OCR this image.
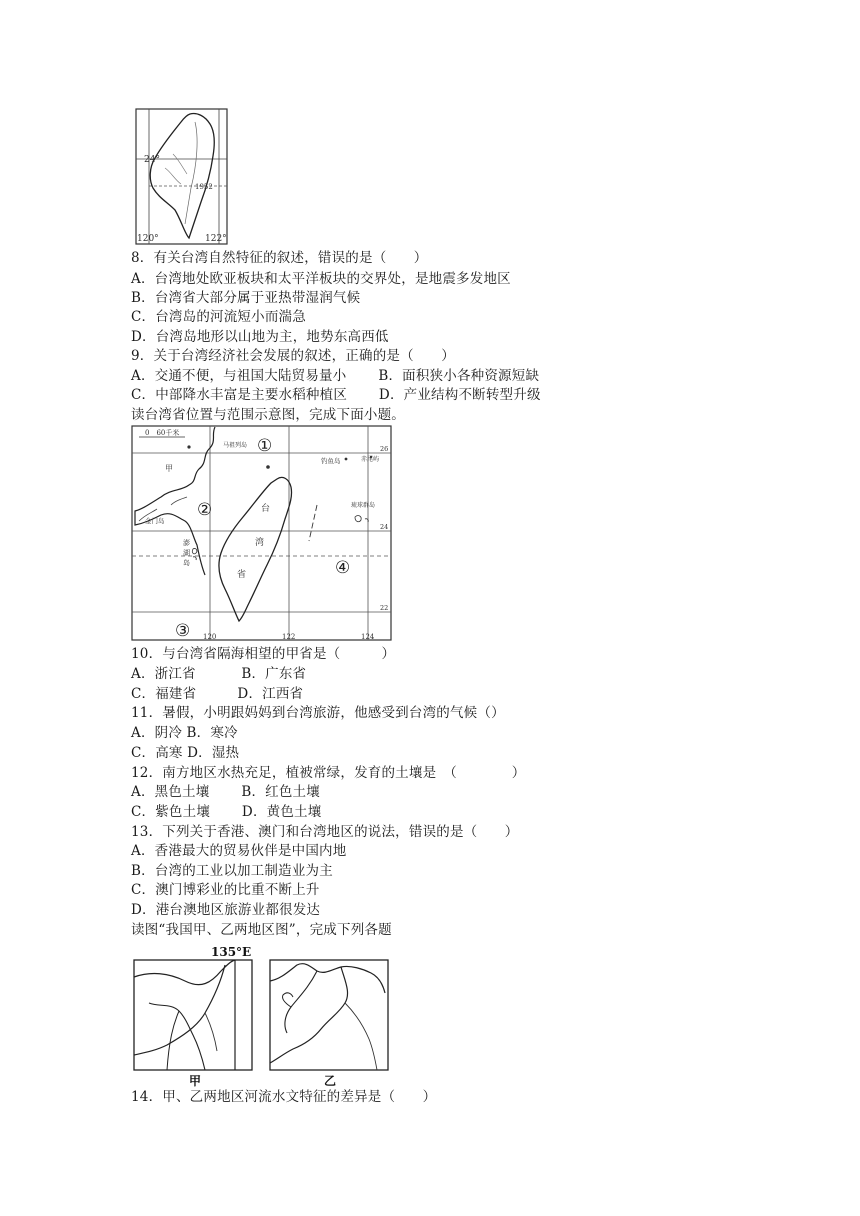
24°
1952
120°	122°
8．有关台湾自然特征的叙述，错误的是（　　）
A．台湾地处欧亚板块和太平洋板块的交界处，是地震多发地区
B．台湾省大部分属于亚热带湿润气候
C．台湾岛的河流短小而湍急
D．台湾岛地形以山地为主，地势东高西低
9．关于台湾经济社会发展的叙述，正确的是（　　）
A．交通不便，与祖国大陆贸易量小　　 B．面积狭小各种资源短缺
C．中部降水丰富是主要水稻种植区　　 D．产业结构不断转型升级
读台湾省位置与范围示意图，完成下面小题。
0　60千米
①
②
③
④
甲
马祖列岛
钓鱼岛	赤尾屿
金门岛
澎
湖
岛
台
湾
省
琉球群岛
120	122	124
26
24
22
10．与台湾省隔海相望的甲省是（　　　）
A．浙江省　　　 B．广东省
C．福建省　　　D．江西省
11．暑假，小明跟妈妈到台湾旅游，他感受到台湾的气候（）
A．阴冷 B．寒冷
C．高寒 D．湿热
12．南方地区水热充足，植被常绿，发育的土壤是　（　　　　）
A．黑色土壤　　 B．红色土壤
C．紫色土壤　　 D．黄色土壤
13．下列关于香港、澳门和台湾地区的说法，错误的是（　　）
A．香港最大的贸易伙伴是中国内地
B．台湾的工业以加工制造业为主
C．澳门博彩业的比重不断上升
D．港台澳地区旅游业都很发达
读图“我国甲、乙两地区图”，完成下列各题
135°E
甲	乙
14．甲、乙两地区河流水文特征的差异是（　　）
